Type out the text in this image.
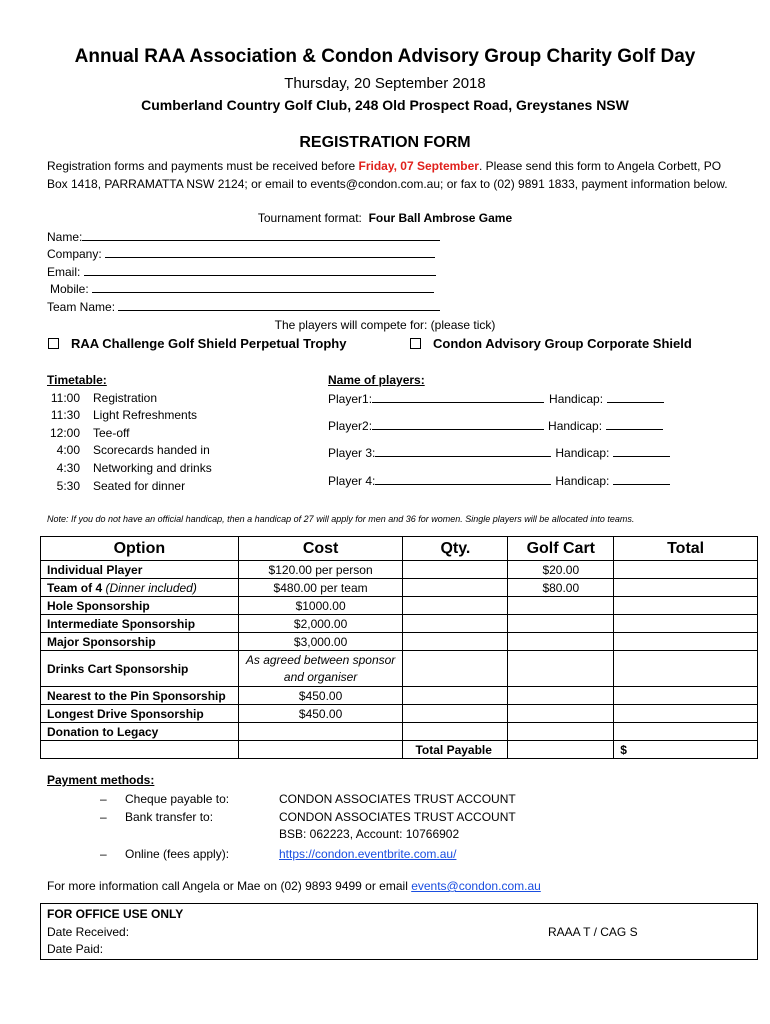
Annual RAA Association & Condon Advisory Group Charity Golf Day
Thursday, 20 September 2018
Cumberland Country Golf Club, 248 Old Prospect Road, Greystanes NSW
REGISTRATION FORM
Registration forms and payments must be received before Friday, 07 September. Please send this form to Angela Corbett, PO Box 1418, PARRAMATTA NSW 2124; or email to events@condon.com.au; or fax to (02) 9891 1833, payment information below.
Tournament format: Four Ball Ambrose Game
Name:
Company:
Email:
Mobile:
Team Name:
The players will compete for: (please tick)
RAA Challenge Golf Shield Perpetual Trophy	Condon Advisory Group Corporate Shield
Timetable:
11:00 Registration
11:30 Light Refreshments
12:00 Tee-off
4:00 Scorecards handed in
4:30 Networking and drinks
5:30 Seated for dinner
Name of players:
Player1:	Handicap:
Player2:	Handicap:
Player 3:	Handicap:
Player 4:	Handicap:
Note: If you do not have an official handicap, then a handicap of 27 will apply for men and 36 for women. Single players will be allocated into teams.
Option	Cost	Qty.	Golf Cart	Total
Individual Player	$120.00 per person		$20.00	
Team of 4 (Dinner included)	$480.00 per team		$80.00	
Hole Sponsorship	$1000.00			
Intermediate Sponsorship	$2,000.00			
Major Sponsorship	$3,000.00			
Drinks Cart Sponsorship	As agreed between sponsor and organiser			
Nearest to the Pin Sponsorship	$450.00			
Longest Drive Sponsorship	$450.00			
Donation to Legacy				
		Total Payable		$
Payment methods:
– Cheque payable to:	CONDON ASSOCIATES TRUST ACCOUNT
– Bank transfer to:	CONDON ASSOCIATES TRUST ACCOUNT
BSB: 062223, Account: 10766902
– Online (fees apply):	https://condon.eventbrite.com.au/
For more information call Angela or Mae on (02) 9893 9499 or email events@condon.com.au
FOR OFFICE USE ONLY
Date Received:
Date Paid:
RAAA T / CAG S
